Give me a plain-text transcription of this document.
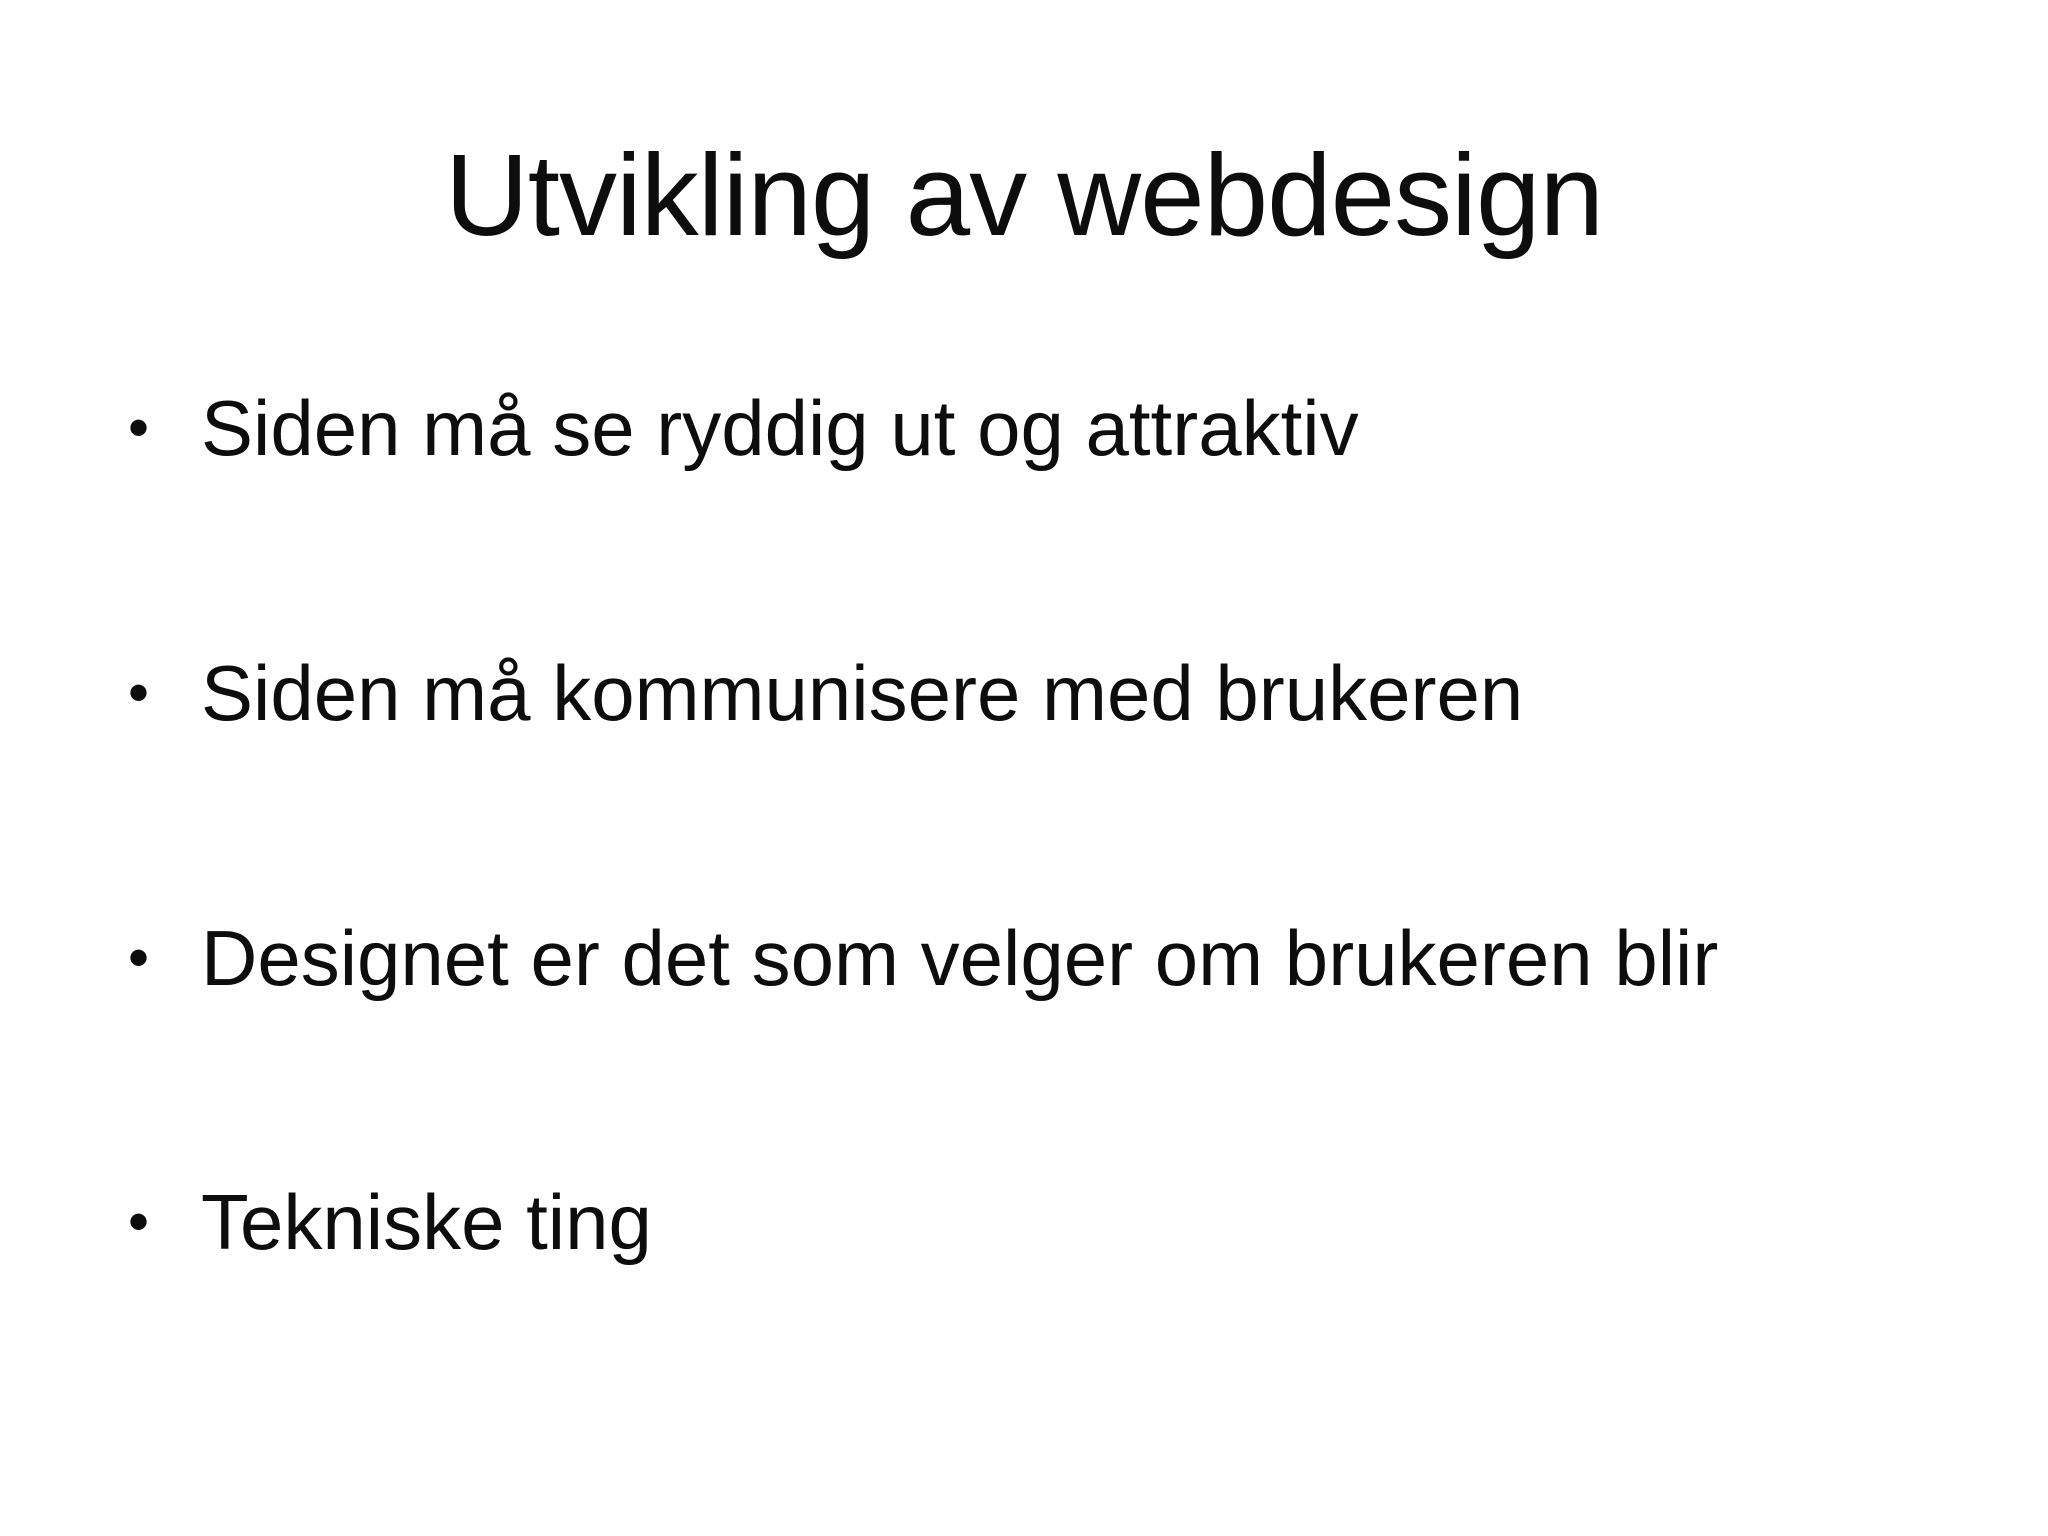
Utvikling av webdesign
• Siden må se ryddig ut og attraktiv
• Siden må kommunisere med brukeren
• Designet er det som velger om brukeren blir
• Tekniske ting
